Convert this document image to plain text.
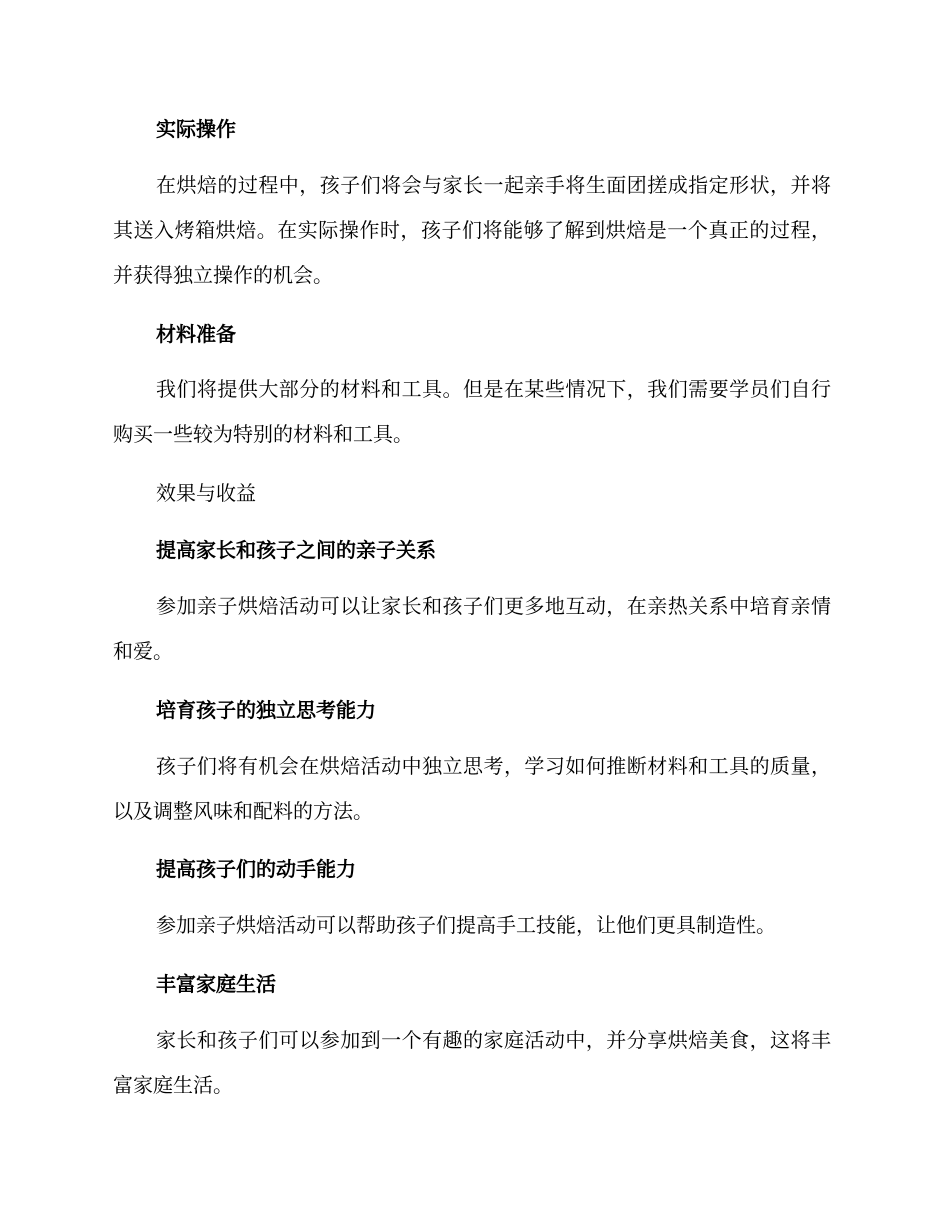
实际操作

在烘焙的过程中，孩子们将会与家长一起亲手将生面团搓成指定形状，并将其送入烤箱烘焙。在实际操作时，孩子们将能够了解到烘焙是一个真正的过程，并获得独立操作的机会。

材料准备

我们将提供大部分的材料和工具。但是在某些情况下，我们需要学员们自行购买一些较为特别的材料和工具。

效果与收益
提高家长和孩子之间的亲子关系

参加亲子烘焙活动可以让家长和孩子们更多地互动，在亲热关系中培育亲情和爱。

培育孩子的独立思考能力

孩子们将有机会在烘焙活动中独立思考，学习如何推断材料和工具的质量，以及调整风味和配料的方法。

提高孩子们的动手能力

参加亲子烘焙活动可以帮助孩子们提高手工技能，让他们更具制造性。

丰富家庭生活

家长和孩子们可以参加到一个有趣的家庭活动中，并分享烘焙美食，这将丰富家庭生活。
